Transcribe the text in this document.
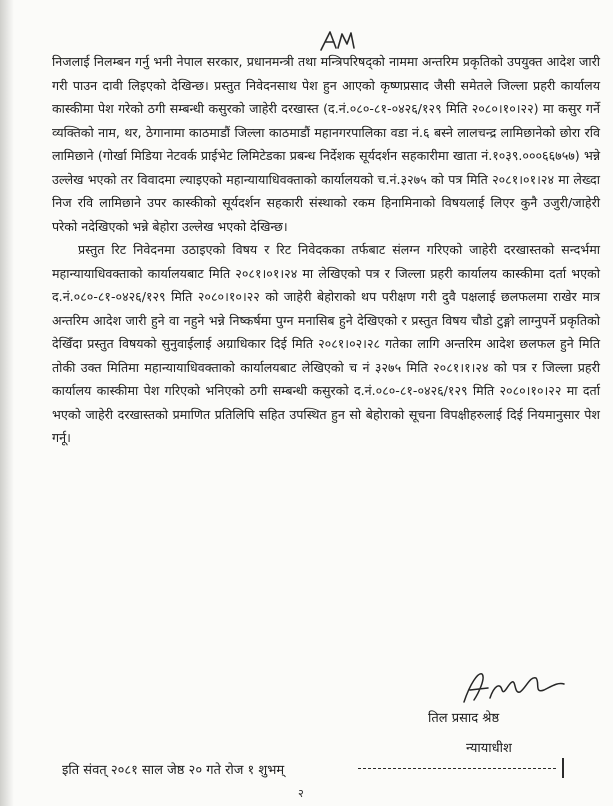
निजलाई निलम्बन गर्नु भनी नेपाल सरकार, प्रधानमन्त्री तथा मन्त्रिपरिषद्‌को नाममा अन्तरिम प्रकृतिको उपयुक्त आदेश जारी गरी पाउन दावी लिइएको देखिन्छ। प्रस्तुत निवेदनसाथ पेश हुन आएको कृष्णप्रसाद जैसी समेतले जिल्ला प्रहरी कार्यालय कास्कीमा पेश गरेको ठगी सम्बन्धी कसुरको जाहेरी दरखास्त (द.नं.०८०-८१-०४२६/१२९ मिति २०८०।१०।२२) मा कसुर गर्ने व्यक्तिको नाम, थर, ठेगानामा काठमाडौं जिल्ला काठमाडौं महानगरपालिका वडा नं.६ बस्ने लालचन्द्र लामिछानेको छोरा रवि लामिछाने (गोर्खा मिडिया नेटवर्क प्राईभेट लिमिटेडका प्रबन्ध निर्देशक सूर्यदर्शन सहकारीमा खाता नं.१०३९.०००६६७५७) भन्ने उल्लेख भएको तर विवादमा ल्याइएको महान्यायाधिवक्ताको कार्यालयको च.नं.३२७५ को पत्र मिति २०८१।०१।२४ मा लेख्दा निज रवि लामिछाने उपर कास्कीको सूर्यदर्शन सहकारी संस्थाको रकम हिनामिनाको विषयलाई लिएर कुनै उजुरी/जाहेरी परेको नदेखिएको भन्ने बेहोरा उल्लेख भएको देखिन्छ।

प्रस्तुत रिट निवेदनमा उठाइएको विषय र रिट निवेदकका तर्फबाट संलग्न गरिएको जाहेरी दरखास्तको सन्दर्भमा महान्यायाधिवक्ताको कार्यालयबाट मिति २०८१।०१।२४ मा लेखिएको पत्र र जिल्ला प्रहरी कार्यालय कास्कीमा दर्ता भएको द.नं.०८०-८१-०४२६/१२९ मिति २०८०।१०।२२ को जाहेरी बेहोराको थप परीक्षण गरी दुवै पक्षलाई छलफलमा राखेर मात्र अन्तरिम आदेश जारी हुने वा नहुने भन्ने निष्कर्षमा पुग्न मनासिब हुने देखिएको र प्रस्तुत विषय चौडो टुङ्गो लाग्नुपर्ने प्रकृतिको देखिँदा प्रस्तुत विषयको सुनुवाईलाई अग्राधिकार दिई मिति २०८१।०२।२८ गतेका लागि अन्तरिम आदेश छलफल हुने मिति तोकी उक्त मितिमा महान्यायाधिवक्ताको कार्यालयबाट लेखिएको च नं ३२७५ मिति २०८१।१।२४ को पत्र र जिल्ला प्रहरी कार्यालय कास्कीमा पेश गरिएको भनिएको ठगी सम्बन्धी कसुरको द.नं.०८०-८१-०४२६/१२९ मिति २०८०।१०।२२ मा दर्ता भएको जाहेरी दरखास्तको प्रमाणित प्रतिलिपि सहित उपस्थित हुन सो बेहोराको सूचना विपक्षीहरुलाई दिई नियमानुसार पेश गर्नू।

तिल प्रसाद श्रेष्ठ
न्यायाधीश
इति संवत् २०८१ साल जेष्ठ २० गते रोज १ शुभम्
२
